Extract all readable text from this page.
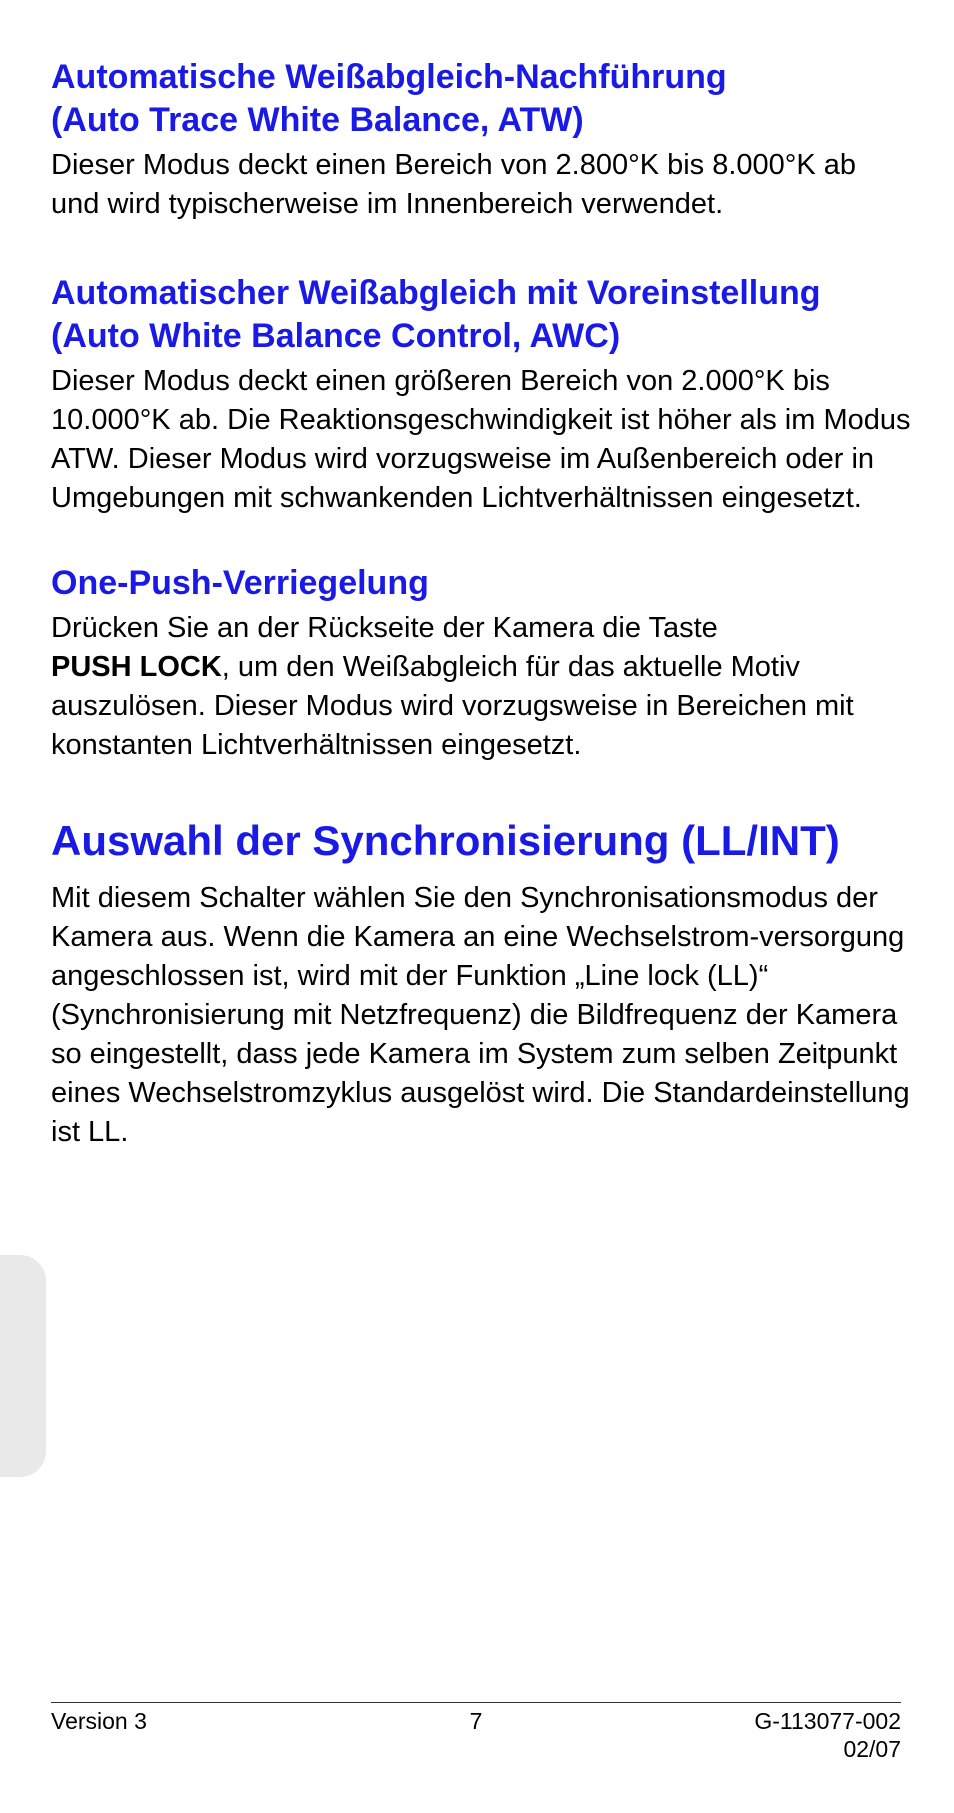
Automatische Weißabgleich-Nachführung
(Auto Trace White Balance, ATW)

Dieser Modus deckt einen Bereich von 2.800°K bis 8.000°K ab und wird typischerweise im Innenbereich verwendet.

Automatischer Weißabgleich mit Voreinstellung
(Auto White Balance Control, AWC)

Dieser Modus deckt einen größeren Bereich von 2.000°K bis 10.000°K ab. Die Reaktionsgeschwindigkeit ist höher als im Modus ATW. Dieser Modus wird vorzugsweise im Außenbereich oder in Umgebungen mit schwankenden Lichtverhältnissen eingesetzt.

One-Push-Verriegelung

Drücken Sie an der Rückseite der Kamera die Taste
PUSH LOCK, um den Weißabgleich für das aktuelle Motiv auszulösen. Dieser Modus wird vorzugsweise in Bereichen mit konstanten Lichtverhältnissen eingesetzt.

Auswahl der Synchronisierung (LL/INT)

Mit diesem Schalter wählen Sie den Synchronisationsmodus der Kamera aus. Wenn die Kamera an eine Wechselstrom-versorgung angeschlossen ist, wird mit der Funktion „Line lock (LL)“ (Synchronisierung mit Netzfrequenz) die Bildfrequenz der Kamera so eingestellt, dass jede Kamera im System zum selben Zeitpunkt eines Wechselstromzyklus ausgelöst wird. Die Standardeinstellung ist LL.

Version 3	7	G-113077-002
02/07
